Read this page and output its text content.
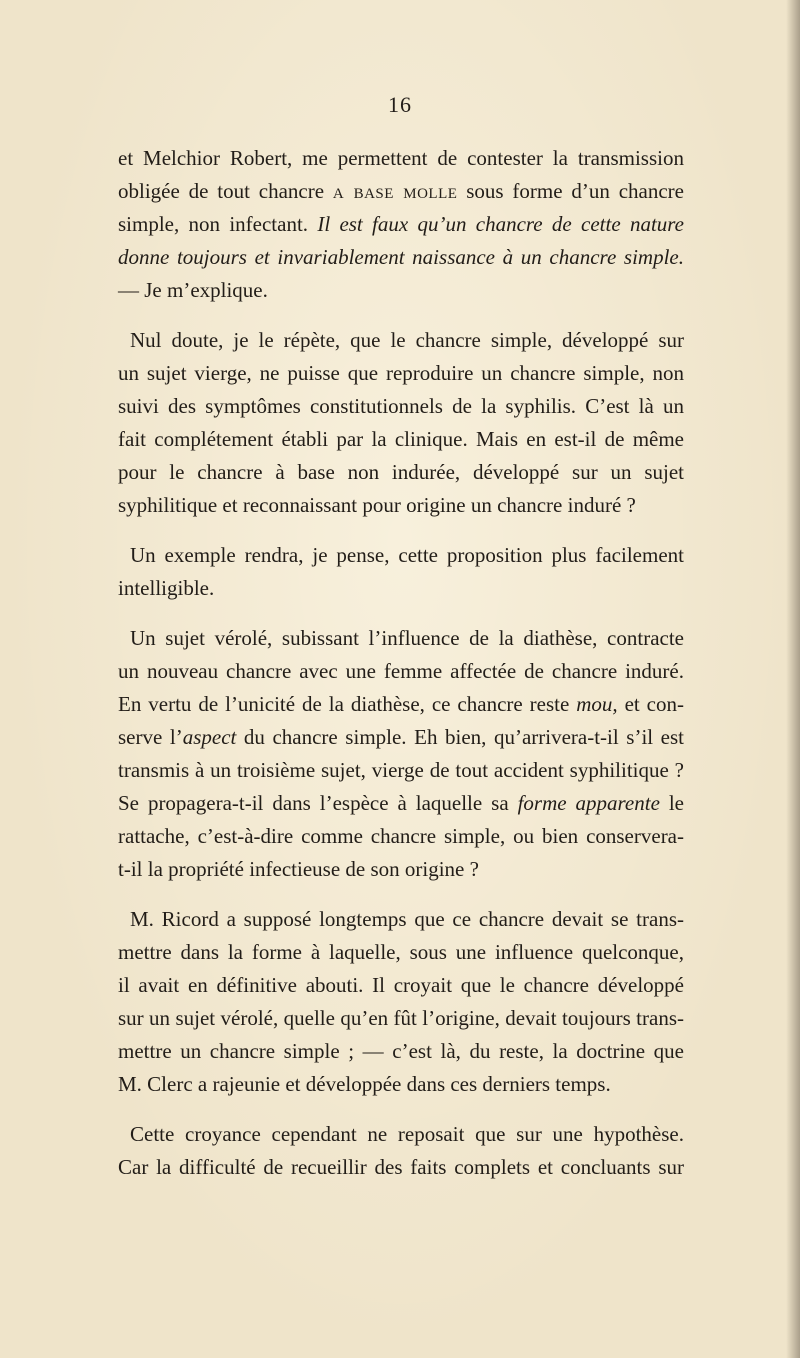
16

et Melchior Robert, me permettent de contester la transmission
obligée de tout chancre a base molle sous forme d’un chancre
simple, non infectant. Il est faux qu’un chancre de cette nature
donne toujours et invariablement naissance à un chancre simple.
— Je m’explique.

Nul doute, je le répète, que le chancre simple, développé sur
un sujet vierge, ne puisse que reproduire un chancre simple, non
suivi des symptômes constitutionnels de la syphilis. C’est là un
fait complétement établi par la clinique. Mais en est-il de même
pour le chancre à base non indurée, développé sur un sujet
syphilitique et reconnaissant pour origine un chancre induré ?

Un exemple rendra, je pense, cette proposition plus facilement
intelligible.

Un sujet vérolé, subissant l’influence de la diathèse, contracte
un nouveau chancre avec une femme affectée de chancre induré.
En vertu de l’unicité de la diathèse, ce chancre reste mou, et con-
serve l’aspect du chancre simple. Eh bien, qu’arrivera-t-il s’il est
transmis à un troisième sujet, vierge de tout accident syphilitique ?
Se propagera-t-il dans l’espèce à laquelle sa forme apparente le
rattache, c’est-à-dire comme chancre simple, ou bien conservera-
t-il la propriété infectieuse de son origine ?

M. Ricord a supposé longtemps que ce chancre devait se trans-
mettre dans la forme à laquelle, sous une influence quelconque,
il avait en définitive abouti. Il croyait que le chancre développé
sur un sujet vérolé, quelle qu’en fût l’origine, devait toujours trans-
mettre un chancre simple ; — c’est là, du reste, la doctrine que
M. Clerc a rajeunie et développée dans ces derniers temps.

Cette croyance cependant ne reposait que sur une hypothèse.
Car la difficulté de recueillir des faits complets et concluants sur
